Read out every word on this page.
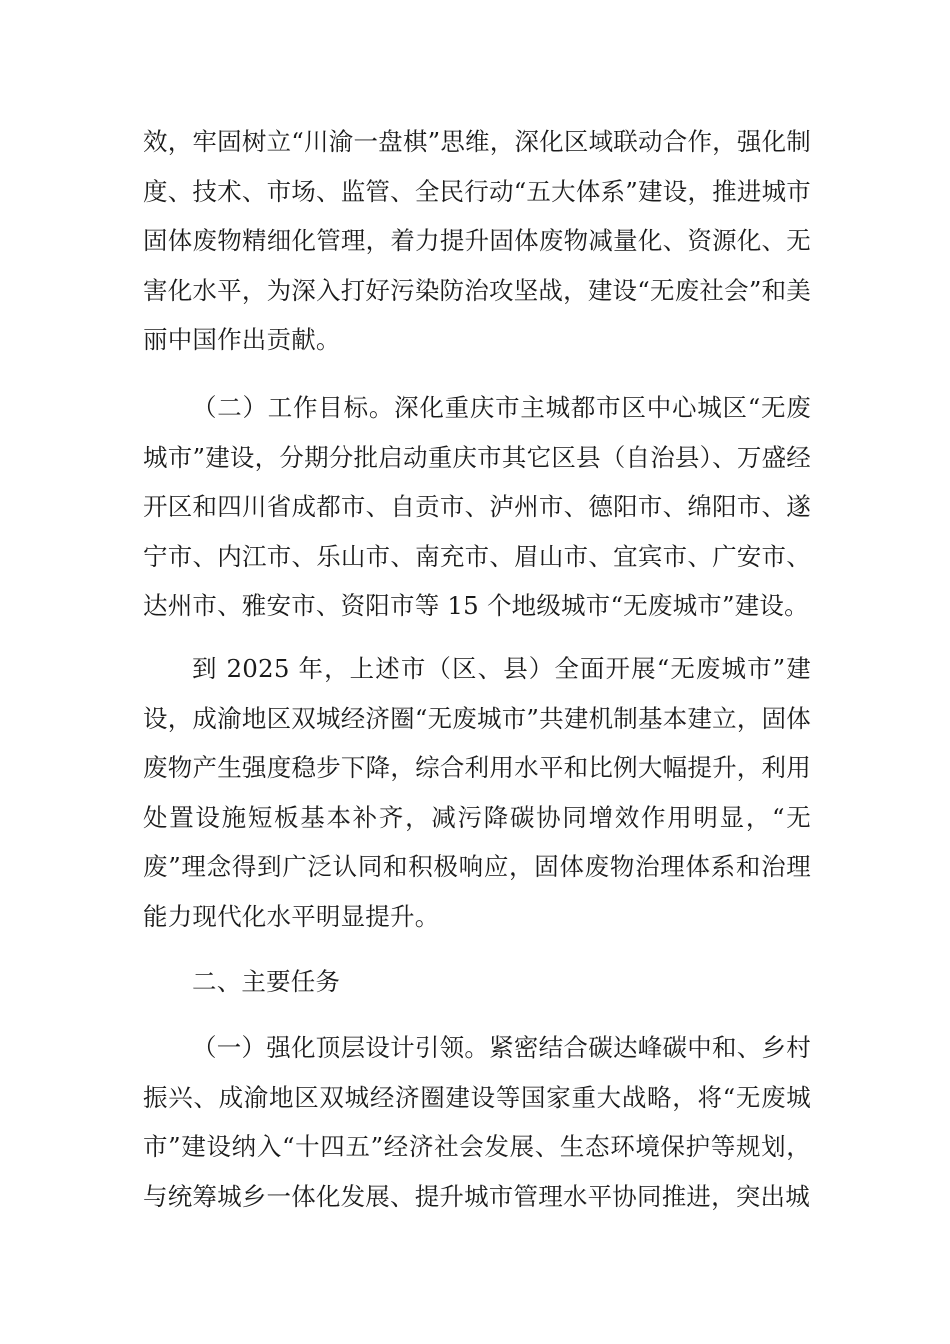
效，牢固树立“川渝一盘棋”思维，深化区域联动合作，强化制度、技术、市场、监管、全民行动“五大体系”建设，推进城市固体废物精细化管理，着力提升固体废物减量化、资源化、无害化水平，为深入打好污染防治攻坚战，建设“无废社会”和美丽中国作出贡献。

（二）工作目标。深化重庆市主城都市区中心城区“无废城市”建设，分期分批启动重庆市其它区县（自治县）、万盛经开区和四川省成都市、自贡市、泸州市、德阳市、绵阳市、遂宁市、内江市、乐山市、南充市、眉山市、宜宾市、广安市、达州市、雅安市、资阳市等 15 个地级城市“无废城市”建设。

到 2025 年，上述市（区、县）全面开展“无废城市”建设，成渝地区双城经济圈“无废城市”共建机制基本建立，固体废物产生强度稳步下降，综合利用水平和比例大幅提升，利用处置设施短板基本补齐，减污降碳协同增效作用明显，“无废”理念得到广泛认同和积极响应，固体废物治理体系和治理能力现代化水平明显提升。

二、主要任务

（一）强化顶层设计引领。紧密结合碳达峰碳中和、乡村振兴、成渝地区双城经济圈建设等国家重大战略，将“无废城市”建设纳入“十四五”经济社会发展、生态环境保护等规划，与统筹城乡一体化发展、提升城市管理水平协同推进，突出城
